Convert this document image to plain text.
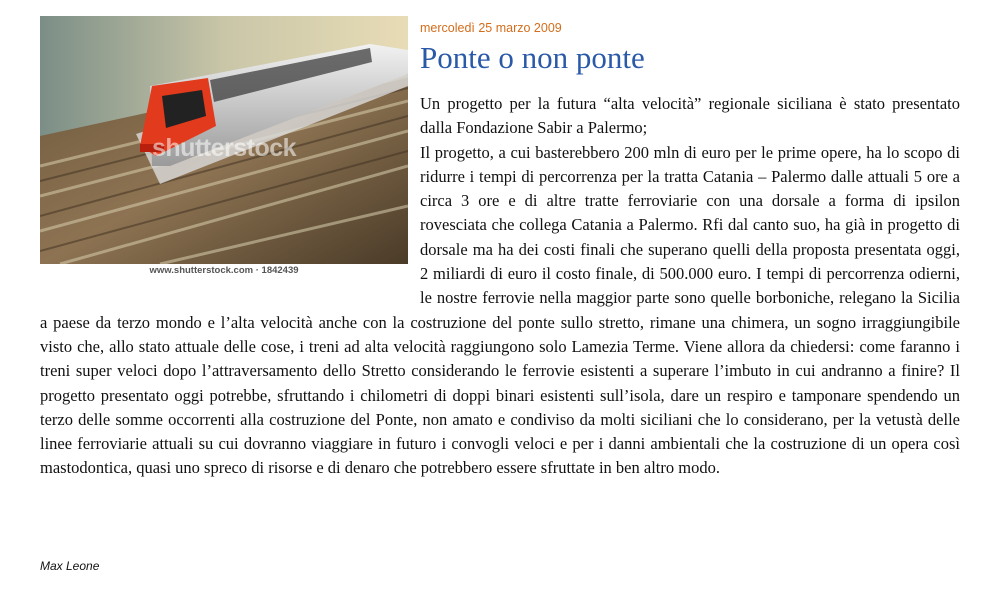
shutterstock
www.shutterstock.com · 1842439
mercoledì 25 marzo 2009
Ponte o non ponte

Un progetto per la futura “alta velocità” regionale siciliana è stato presentato dalla Fondazione Sabir a Palermo;

Il progetto, a cui basterebbero 200 mln di euro per le prime opere, ha lo scopo di ridurre i tempi di percorrenza per la tratta Catania – Palermo dalle attuali 5 ore a circa 3 ore e di altre tratte ferroviarie con una dorsale a forma di ipsilon rovesciata che collega Catania a Palermo. Rfi dal canto suo, ha già in progetto di dorsale ma ha dei costi finali che superano quelli della proposta presentata oggi, 2 miliardi di euro il costo finale, di 500.000 euro. I tempi di percorrenza odierni, le nostre ferrovie nella maggior parte sono quelle borboniche, relegano la Sicilia a paese da terzo mondo e l’alta velocità anche con la costruzione del ponte sullo stretto, rimane una chimera, un sogno irraggiungibile visto che, allo stato attuale delle cose, i treni ad alta velocità raggiungono solo Lamezia Terme. Viene allora da chiedersi: come faranno i treni super veloci dopo l’attraversamento dello Stretto considerando le ferrovie esistenti a superare l’imbuto in cui andranno a finire? Il progetto presentato oggi potrebbe, sfruttando i chilometri di doppi binari esistenti sull’isola, dare un respiro e tamponare spendendo un terzo delle somme occorrenti alla costruzione del Ponte, non amato e condiviso da molti siciliani che lo considerano, per la vetustà delle linee ferroviarie attuali su cui dovranno viaggiare in futuro i convogli veloci e per i danni ambientali che la costruzione di un opera così mastodontica, quasi uno spreco di risorse e di denaro che potrebbero essere sfruttate in ben altro modo.

Max Leone
